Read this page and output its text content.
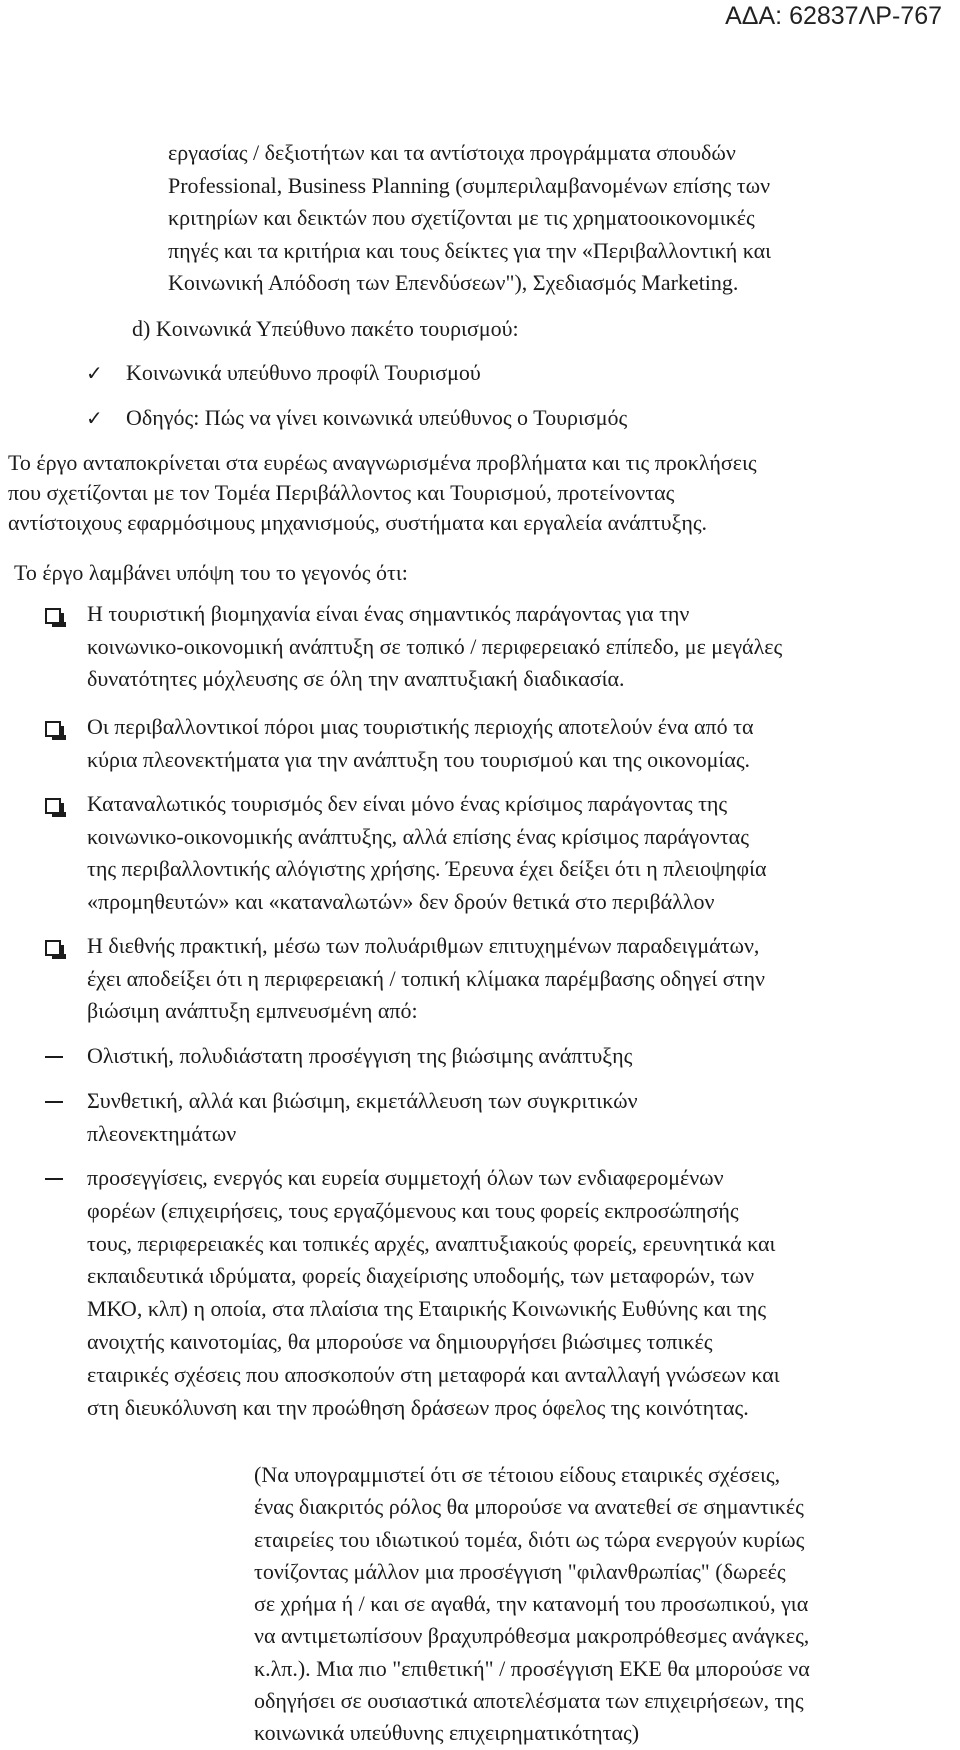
ΑΔΑ: 62837ΛΡ-767

εργασίας / δεξιοτήτων και τα αντίστοιχα προγράμματα σπουδών
Professional, Business Planning (συμπεριλαμβανομένων επίσης των
κριτηρίων και δεικτών που σχετίζονται με τις χρηματοοικονομικές
πηγές και τα κριτήρια και τους δείκτες για την «Περιβαλλοντική και
Κοινωνική Απόδοση των Επενδύσεων"), Σχεδιασμός Marketing.

d) Κοινωνικά Υπεύθυνο πακέτο τουρισμού:
✓ Κοινωνικά υπεύθυνο προφίλ Τουρισμού
✓ Οδηγός: Πώς να γίνει κοινωνικά υπεύθυνος ο Τουρισμός

Το έργο ανταποκρίνεται στα ευρέως αναγνωρισμένα προβλήματα και τις προκλήσεις
που σχετίζονται με τον Τομέα Περιβάλλοντος και Τουρισμού, προτείνοντας
αντίστοιχους εφαρμόσιμους μηχανισμούς, συστήματα και εργαλεία ανάπτυξης.

Το έργο λαμβάνει υπόψη του το γεγονός ότι:
Η τουριστική βιομηχανία είναι ένας σημαντικός παράγοντας για την
κοινωνικο-οικονομική ανάπτυξη σε τοπικό / περιφερειακό επίπεδο, με μεγάλες
δυνατότητες μόχλευσης σε όλη την αναπτυξιακή διαδικασία.
Οι περιβαλλοντικοί πόροι μιας τουριστικής περιοχής αποτελούν ένα από τα
κύρια πλεονεκτήματα για την ανάπτυξη του τουρισμού και της οικονομίας.
Καταναλωτικός τουρισμός δεν είναι μόνο ένας κρίσιμος παράγοντας της
κοινωνικο-οικονομικής ανάπτυξης, αλλά επίσης ένας κρίσιμος παράγοντας
της περιβαλλοντικής αλόγιστης χρήσης. Έρευνα έχει δείξει ότι η πλειοψηφία
«προμηθευτών» και «καταναλωτών» δεν δρούν θετικά στο περιβάλλον
Η διεθνής πρακτική, μέσω των πολυάριθμων επιτυχημένων παραδειγμάτων,
έχει αποδείξει ότι η περιφερειακή / τοπική κλίμακα παρέμβασης οδηγεί στην
βιώσιμη ανάπτυξη εμπνευσμένη από:
Ολιστική, πολυδιάστατη προσέγγιση της βιώσιμης ανάπτυξης
Συνθετική, αλλά και βιώσιμη, εκμετάλλευση των συγκριτικών
πλεονεκτημάτων
προσεγγίσεις, ενεργός και ευρεία συμμετοχή όλων των ενδιαφερομένων
φορέων (επιχειρήσεις, τους εργαζόμενους και τους φορείς εκπροσώπησής
τους, περιφερειακές και τοπικές αρχές, αναπτυξιακούς φορείς, ερευνητικά και
εκπαιδευτικά ιδρύματα, φορείς διαχείρισης υποδομής, των μεταφορών, των
ΜΚΟ, κλπ) η οποία, στα πλαίσια της Εταιρικής Κοινωνικής Ευθύνης και της
ανοιχτής καινοτομίας, θα μπορούσε να δημιουργήσει βιώσιμες τοπικές
εταιρικές σχέσεις που αποσκοπούν στη μεταφορά και ανταλλαγή γνώσεων και
στη διευκόλυνση και την προώθηση δράσεων προς όφελος της κοινότητας.

(Να υπογραμμιστεί ότι σε τέτοιου είδους εταιρικές σχέσεις,
ένας διακριτός ρόλος θα μπορούσε να ανατεθεί σε σημαντικές
εταιρείες του ιδιωτικού τομέα, διότι ως τώρα ενεργούν κυρίως
τονίζοντας μάλλον μια προσέγγιση "φιλανθρωπίας" (δωρεές
σε χρήμα ή / και σε αγαθά, την κατανομή του προσωπικού, για
να αντιμετωπίσουν βραχυπρόθεσμα μακροπρόθεσμες ανάγκες,
κ.λπ.). Μια πιο "επιθετική" / προσέγγιση ΕΚΕ θα μπορούσε να
οδηγήσει σε ουσιαστικά αποτελέσματα των επιχειρήσεων, της
κοινωνικά υπεύθυνης επιχειρηματικότητας)
